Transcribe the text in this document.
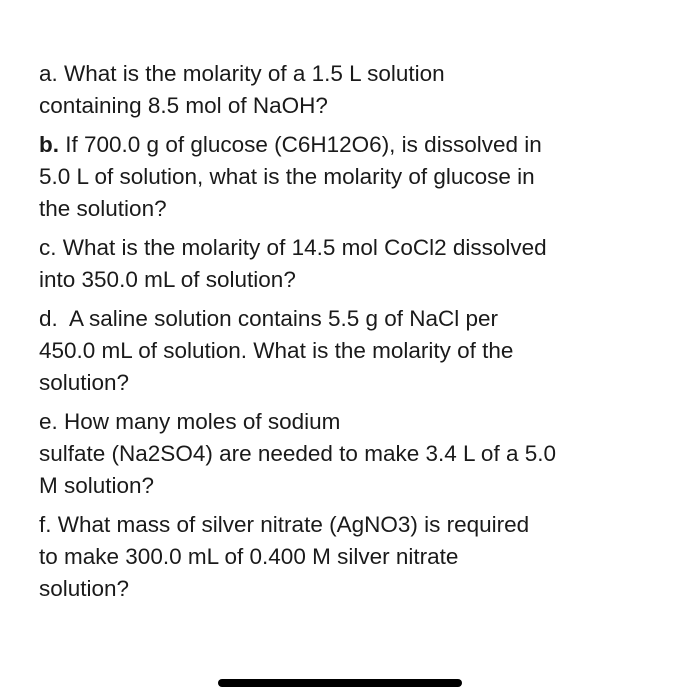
a. What is the molarity of a 1.5 L solution
containing 8.5 mol of NaOH?

b. If 700.0 g of glucose (C6H12O6), is dissolved in
5.0 L of solution, what is the molarity of glucose in
the solution?

c. What is the molarity of 14.5 mol CoCl2 dissolved
into 350.0 mL of solution?

d.  A saline solution contains 5.5 g of NaCl per
450.0 mL of solution. What is the molarity of the
solution?

e. How many moles of sodium
sulfate (Na2SO4) are needed to make 3.4 L of a 5.0
M solution?

f. What mass of silver nitrate (AgNO3) is required
to make 300.0 mL of 0.400 M silver nitrate
solution?
